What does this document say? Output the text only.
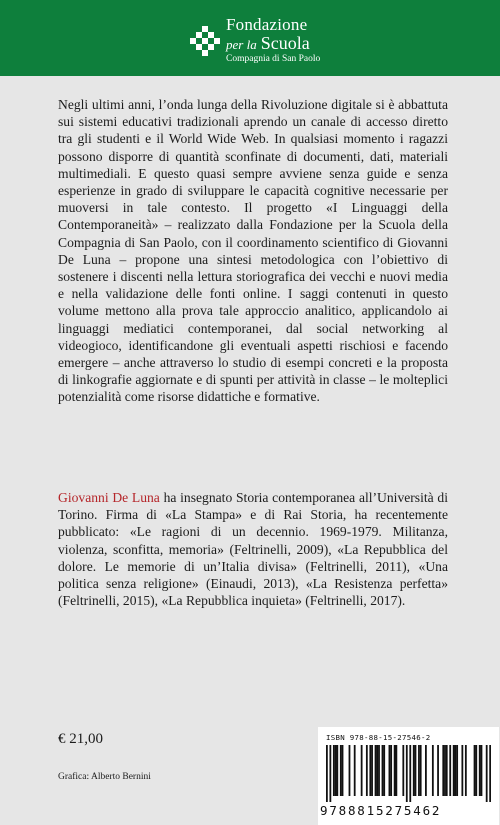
Fondazione
per la Scuola
Compagnia di San Paolo

Negli ultimi anni, l’onda lunga della Rivoluzione digitale si è abbattuta sui sistemi educativi tradizionali aprendo un canale di accesso diretto tra gli studenti e il World Wide Web. In qualsiasi momento i ragazzi possono disporre di quantità sconfinate di documenti, dati, materiali multimediali. E questo quasi sempre avviene senza guide e senza esperienze in grado di sviluppare le capacità cognitive necessarie per muoversi in tale contesto. Il progetto «I Linguaggi della Contemporaneità» – realizzato dalla Fondazione per la Scuola della Compagnia di San Paolo, con il coordinamento scientifico di Giovanni De Luna – propone una sintesi metodologica con l’obiettivo di sostenere i discenti nella lettura storiografica dei vecchi e nuovi media e nella validazione delle fonti online. I saggi contenuti in questo volume mettono alla prova tale approccio analitico, applicandolo ai linguaggi mediatici contemporanei, dal social networking al videogioco, identificandone gli eventuali aspetti rischiosi e facendo emergere – anche attraverso lo studio di esempi concreti e la proposta di linkografie aggiornate e di spunti per attività in classe – le molteplici potenzialità come risorse didattiche e formative.

Giovanni De Luna ha insegnato Storia contemporanea all’Università di Torino. Firma di «La Stampa» e di Rai Storia, ha recentemente pubblicato: «Le ragioni di un decennio. 1969-1979. Militanza, violenza, sconfitta, memoria» (Feltrinelli, 2009), «La Repubblica del dolore. Le memorie di un’Italia divisa» (Feltrinelli, 2011), «Una politica senza religione» (Einaudi, 2013), «La Resistenza perfetta» (Feltrinelli, 2015), «La Repubblica inquieta» (Feltrinelli, 2017).

€ 21,00
Grafica: Alberto Bernini
ISBN 978-88-15-27546-2
9788815275462
